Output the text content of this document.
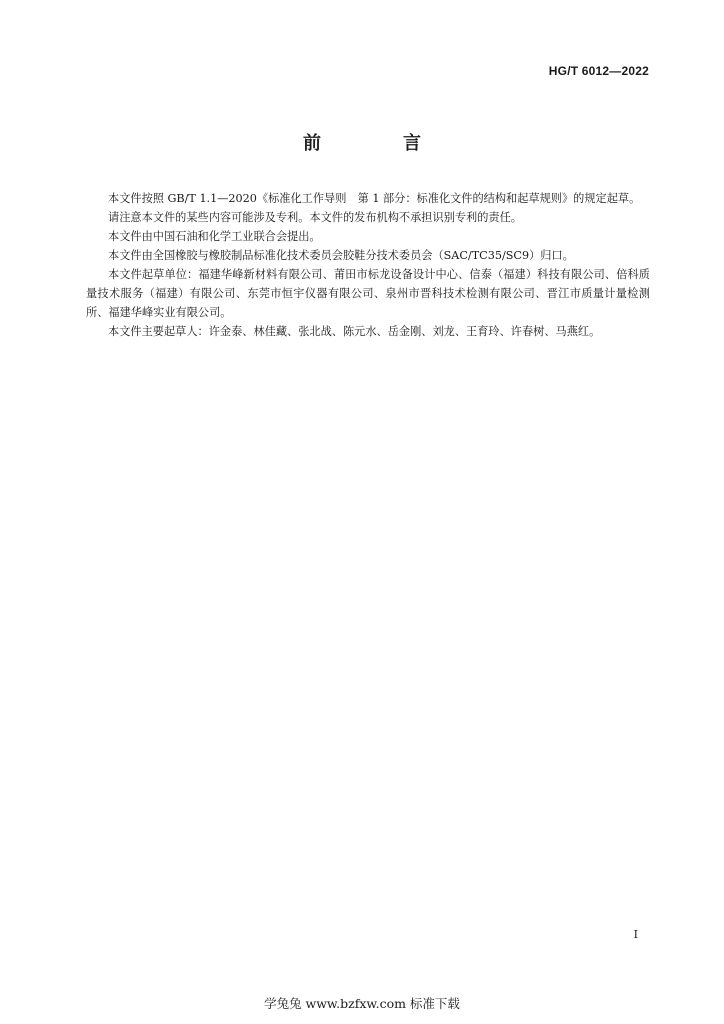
HG/T 6012—2022
前　言

本文件按照 GB/T 1.1—2020《标准化工作导则　第 1 部分：标准化文件的结构和起草规则》的规定起草。

请注意本文件的某些内容可能涉及专利。本文件的发布机构不承担识别专利的责任。

本文件由中国石油和化学工业联合会提出。

本文件由全国橡胶与橡胶制品标准化技术委员会胶鞋分技术委员会（SAC/TC35/SC9）归口。

本文件起草单位：福建华峰新材料有限公司、莆田市标龙设备设计中心、信泰（福建）科技有限公司、倍科质量技术服务（福建）有限公司、东莞市恒宇仪器有限公司、泉州市晋科技术检测有限公司、晋江市质量计量检测所、福建华峰实业有限公司。

本文件主要起草人：许金泰、林佳藏、张北战、陈元水、岳金刚、刘龙、王育玲、许春树、马燕红。

I
学兔兔 www.bzfxw.com 标准下载
